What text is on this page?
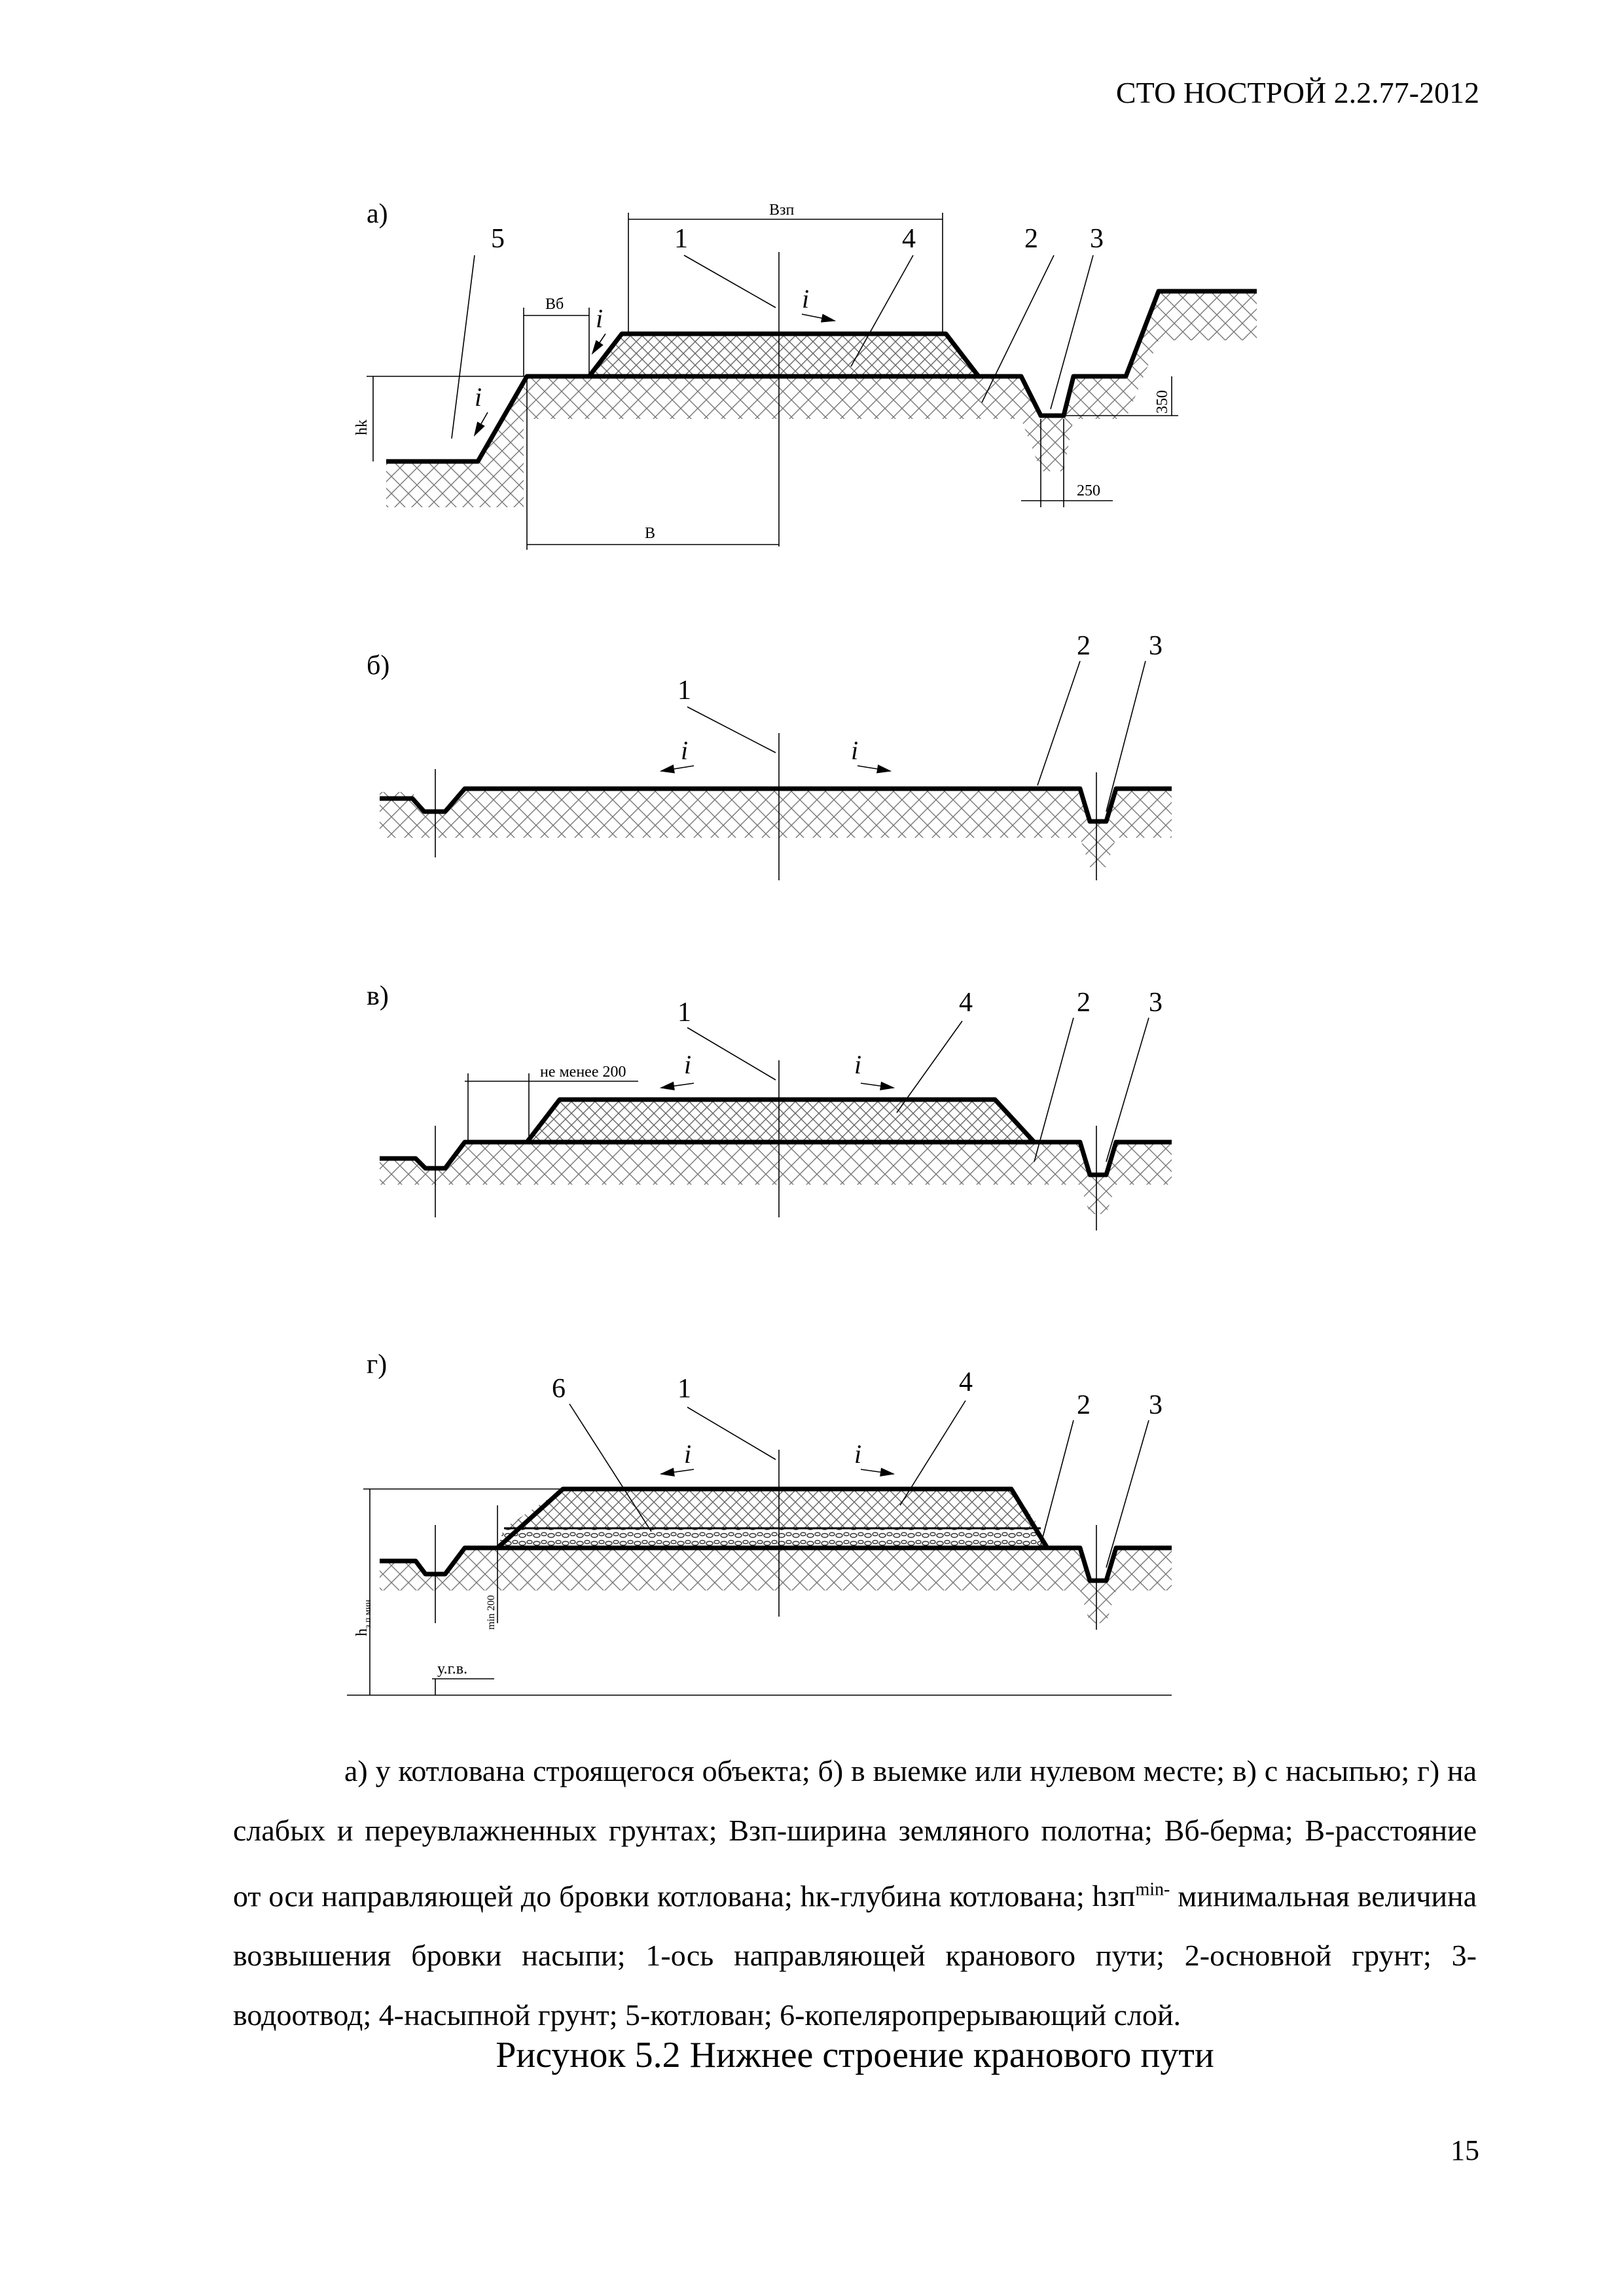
СТО НОСТРОЙ 2.2.77-2012
а)	Взп
Вб
В
hk
350
250
5	1	4	2 3
i
i
i
б)
1
2 3
i	i
в)
не менее 200
1	4	2 3
i	i
г)
$h_{з.п мин}$	min 200
у.г.в.
6	1	4
2 3
i	i

а) у котлована строящегося объекта; б) в выемке или нулевом месте; в) с насыпью; г) на слабых и переувлажненных грунтах; Взп-ширина земляного полотна; Вб-берма; В-расстояние от оси направляющей до бровки котлована; hк-глубина котлована; hзп$^{min-}$ минимальная величина возвышения бровки насыпи; 1-ось направляющей кранового пути; 2-основной грунт; 3-водоотвод; 4-насыпной грунт; 5-котлован; 6-копеляропрерывающий слой.

Рисунок 5.2 Нижнее строение кранового пути
15
